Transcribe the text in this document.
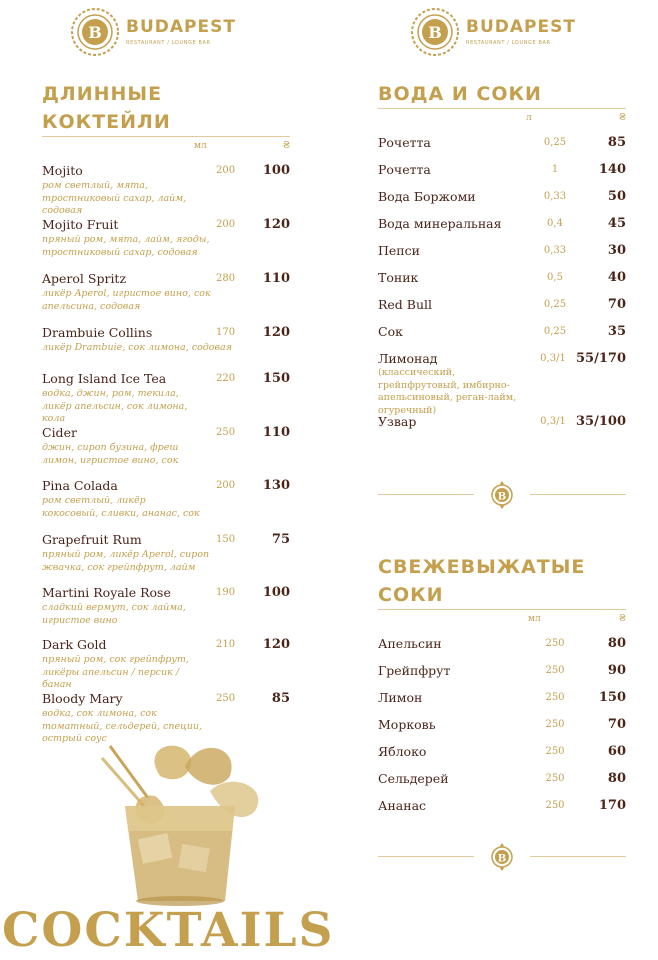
B BUDAPEST
RESTAURANT / LOUNGE BAR
B BUDAPEST
RESTAURANT / LOUNGE BAR
ДЛИННЫЕ КОКТЕЙЛИ
мл	₴
Mojito
ром светлый, мята, тростниковый сахар, лайм, содовая
200 100
Mojito Fruit
пряный ром, мята, лайм, ягоды, тростниковый сахар, содовая
200 120
Aperol Spritz
ликёр Aperol, игристое вино, сок апельсина, содовая
280 110
Drambuie Collins
ликёр Drambuie, сок лимона, содовая
170 120
Long Island Ice Tea
водка, джин, ром, текила, ликёр апельсин, сок лимона, кола
220 150
Cider
джин, сироп бузина, фреш лимон, игристое вино, сок
250 110
Pina Colada
ром светлый, ликёр кокосовый, сливки, ананас, сок
200 130
Grapefruit Rum
пряный ром, ликёр Aperol, сироп жвачка, сок грейпфрут, лайм
150	75
Martini Royale Rose
сладкий вермут, сок лайма, игристое вино
190 100
Dark Gold
пряный ром, сок грейпфрут, ликёры апельсин / персик / банан
210 120
Bloody Mary
водка, сок лимона, сок томатный, сельдерей, специи, острый соус
250	85
ВОДА И СОКИ
л	₴
Рочетта	0,25	85
Рочетта	1	140
Вода Боржоми	0,33	50
Вода минеральная	0,4	45
Пепси	0,33	30
Тоник	0,5	40
Red Bull	0,25	70
Сок	0,25	35
Лимонад
(классический, грейпфрутовый, имбирно-апельсиновый, реган-лайм, огуречный)
0,3/1 55/170
Узвар	0,3/1 35/100
B
СВЕЖЕВЫЖАТЫЕ СОКИ
мл	₴
Апельсин	250	80
Грейпфрут	250	90
Лимон	250	150
Морковь	250	70
Яблоко	250	60
Сельдерей	250	80
Ананас	250	170
B
COCKTAILS
